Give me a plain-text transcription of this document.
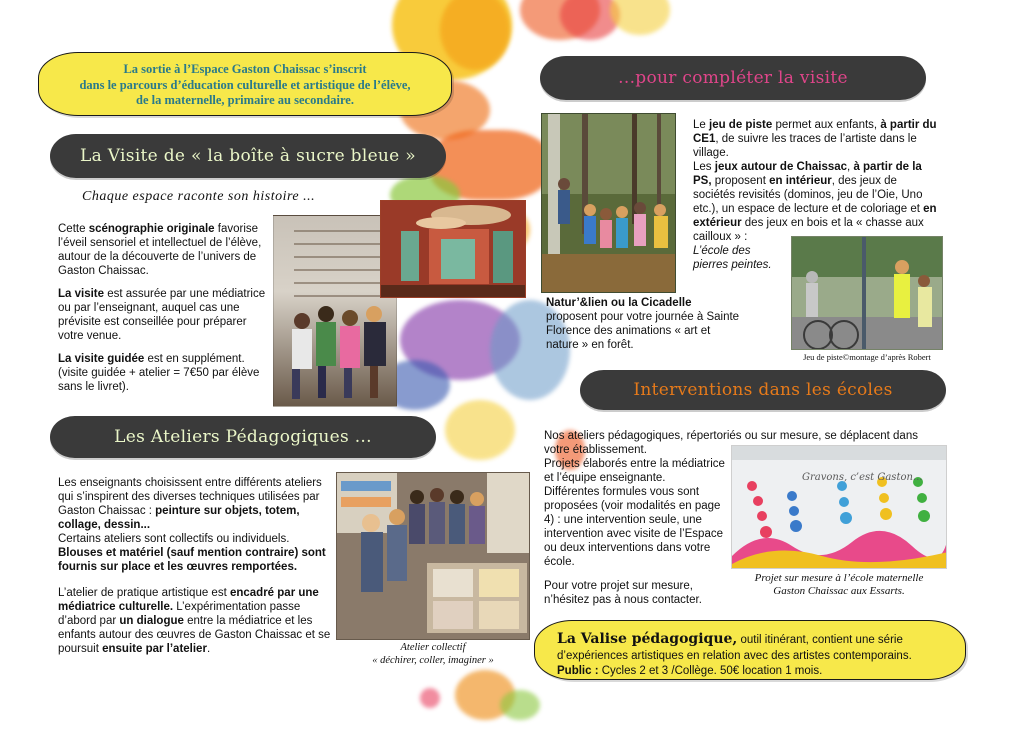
La sortie à l’Espace Gaston Chaissac s’inscrit
dans le parcours d’éducation culturelle et artistique de l’élève,
de la maternelle, primaire au secondaire.
La Visite de « la boîte à sucre bleue »
Chaque espace raconte son histoire ...

Cette scénographie originale favorise l’éveil sensoriel et intellectuel de l’élève, autour de la découverte de l’univers de Gaston Chaissac.

La visite est assurée par une médiatrice ou par l’enseignant, auquel cas une prévisite est conseillée pour préparer votre venue.

La visite guidée est en supplément. (visite guidée + atelier = 7€50 par élève sans le livret).

Les Ateliers Pédagogiques ...

Les enseignants choisissent entre différents ateliers qui s’inspirent des diverses techniques utilisées par Gaston Chaissac : peinture sur objets, totem, collage, dessin...
Certains ateliers sont collectifs ou individuels.
Blouses et matériel (sauf mention contraire) sont fournis sur place et les œuvres remportées.

L’atelier de pratique artistique est encadré par une médiatrice culturelle. L’expérimentation passe d’abord par un dialogue entre la médiatrice et les enfants autour des œuvres de Gaston Chaissac et se poursuit ensuite par l’atelier.	Atelier collectif
« déchirer, coller, imaginer »
...pour compléter la visite
Le jeu de piste permet aux enfants, à partir du CE1, de suivre les traces de l’artiste dans le village.
Les jeux autour de Chaissac, à partir de la PS, proposent en intérieur, des jeux de sociétés revisités (dominos, jeu de l’Oie, Uno etc.), un espace de lecture et de coloriage et en extérieur des jeux en bois et la « chasse aux cailloux » :
L’école des pierres peintes.
Jeu de piste©montage d’après Robert
Natur’&lien ou la Cicadelle proposent pour votre journée à Sainte Florence des animations « art et nature » en forêt.
Interventions dans les écoles
Nos ateliers pédagogiques, répertoriés ou sur mesure, se déplacent dans votre établissement.
Projets élaborés entre la médiatrice et l’équipe enseignante.
Différentes formules vous sont proposées (voir modalités en page 4) : une intervention seule, une intervention avec visite de l’Espace ou deux interventions dans votre école.
Pour votre projet sur mesure, n’hésitez pas à nous contacter.
Gravons, c’est Gaston...
Projet sur mesure à l’école maternelle
Gaston Chaissac aux Essarts.
La Valise pédagogique, outil itinérant, contient une série
d’expériences artistiques en relation avec des artistes contemporains.
Public : Cycles 2 et 3 /Collège. 50€ location 1 mois.
